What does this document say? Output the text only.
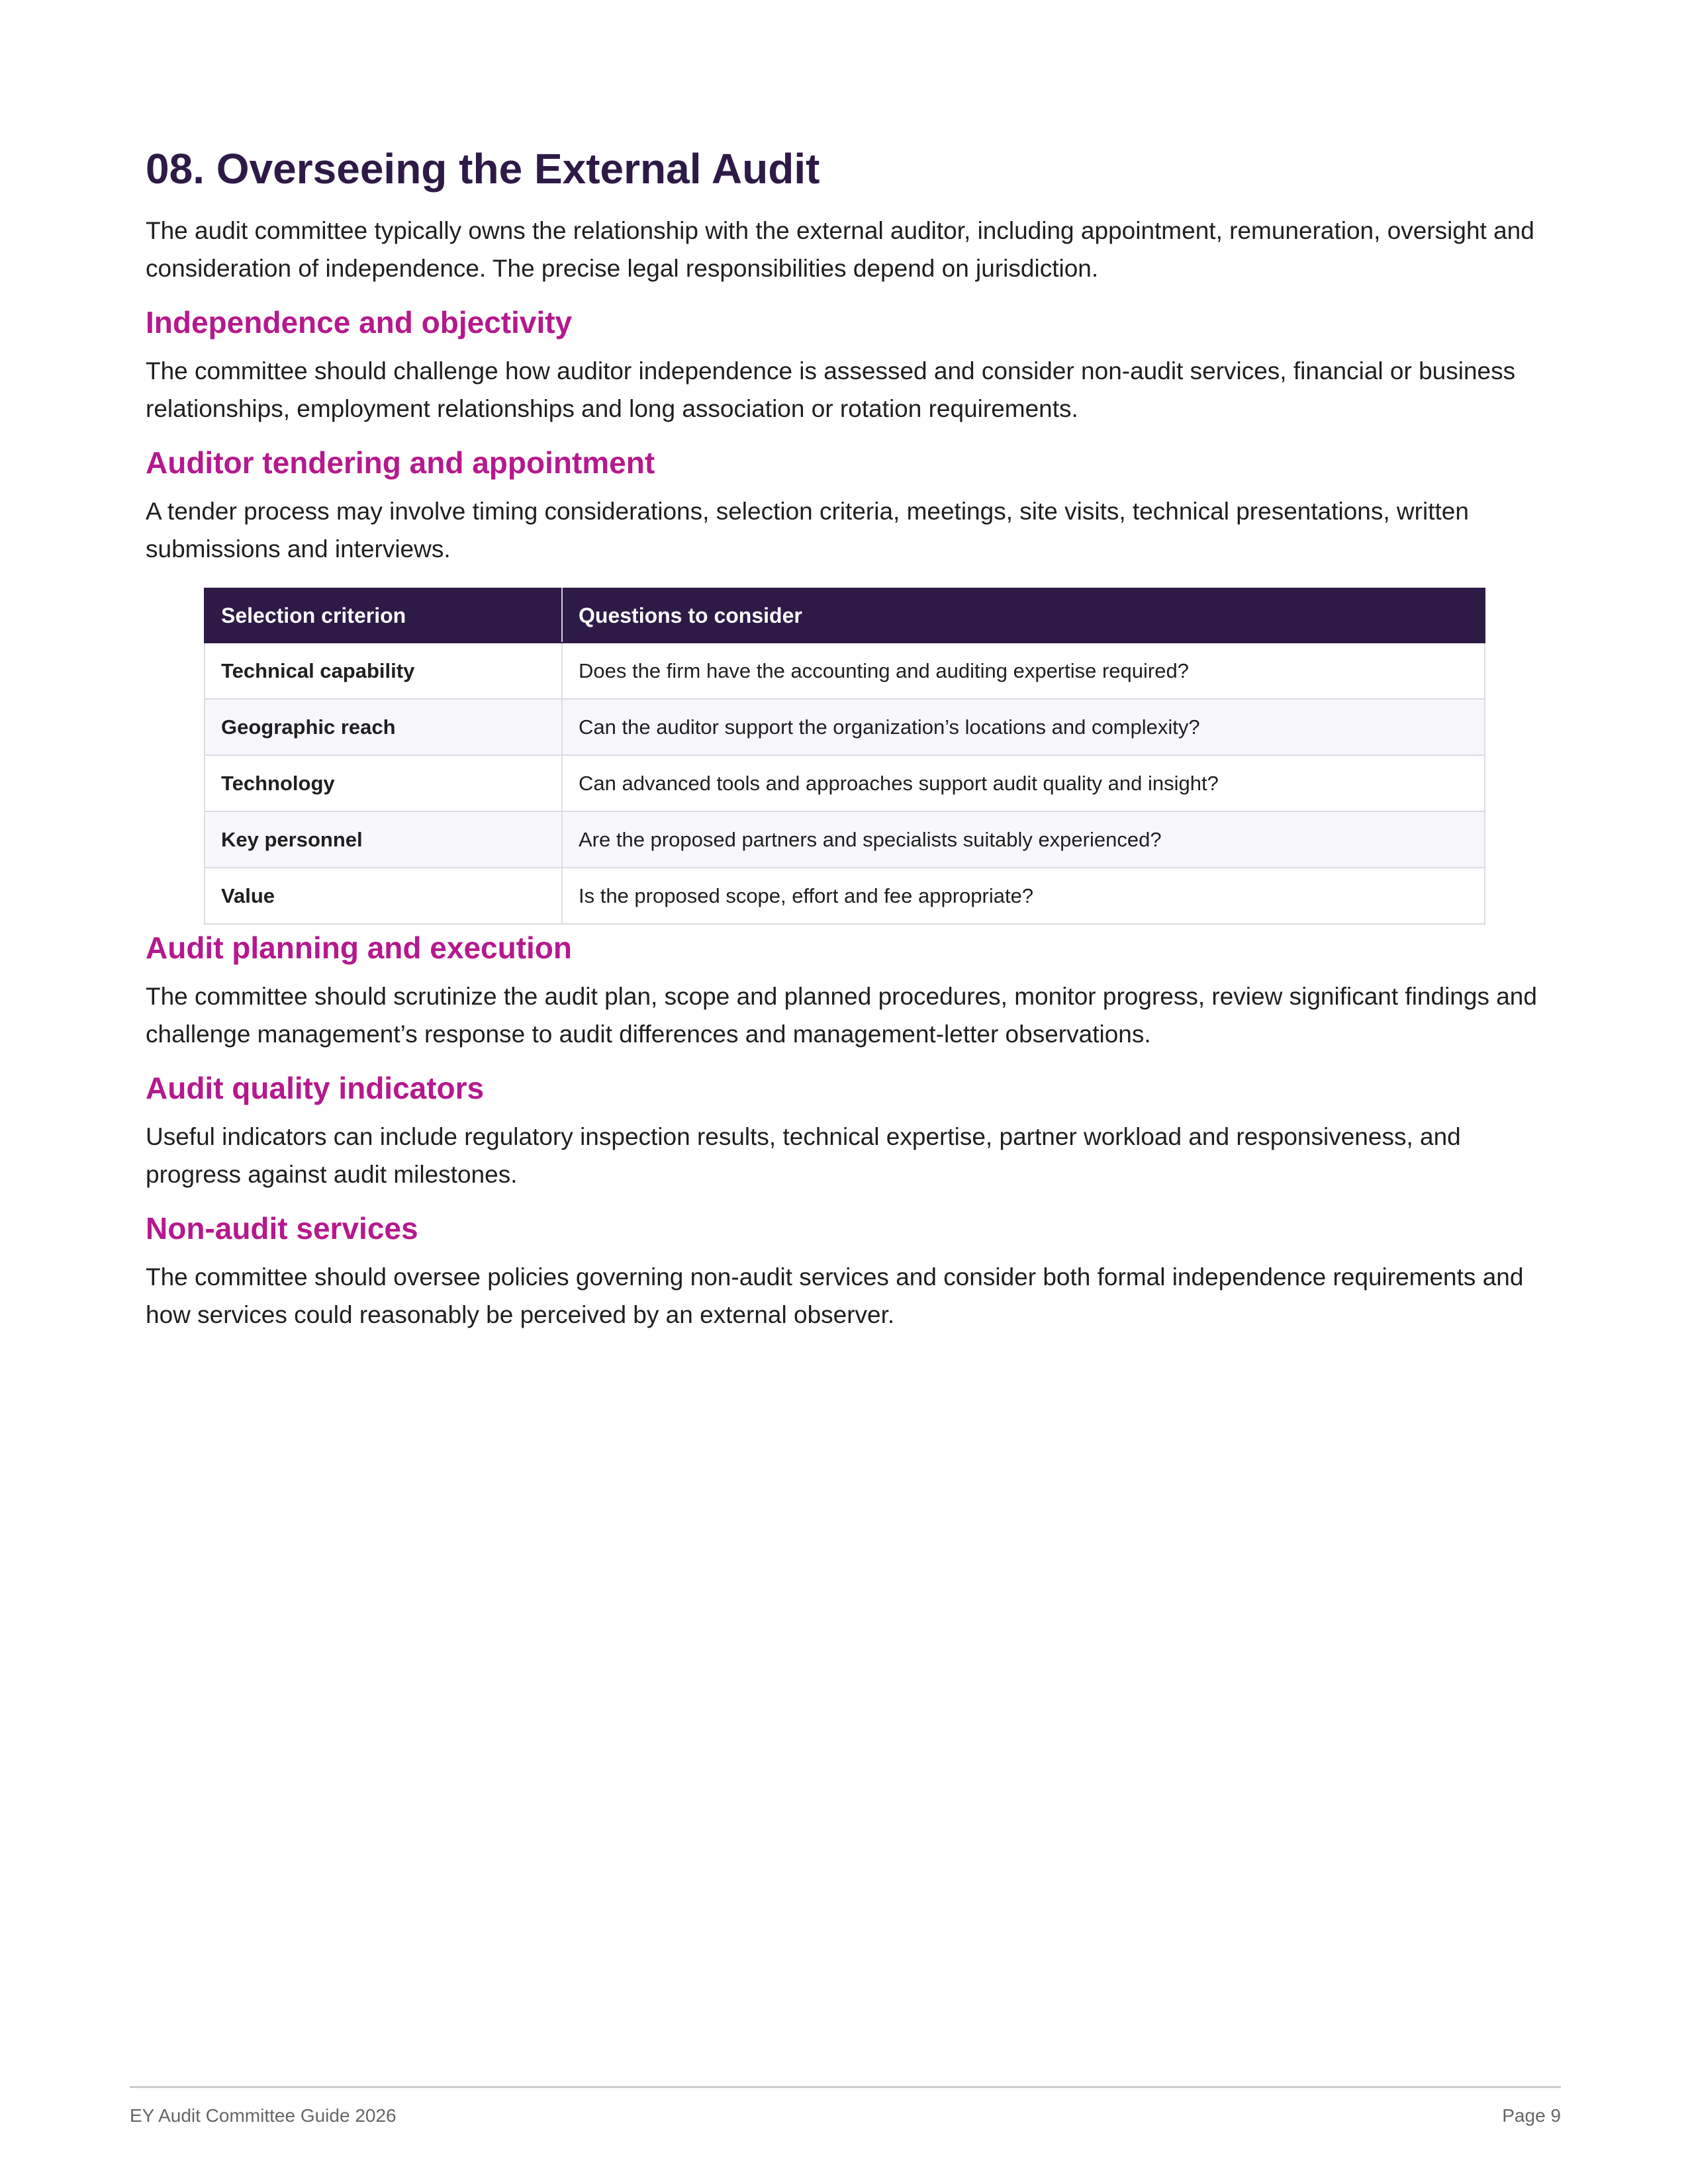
08. Overseeing the External Audit

The audit committee typically owns the relationship with the external auditor, including appointment, remuneration, oversight and consideration of independence. The precise legal responsibilities depend on jurisdiction.

Independence and objectivity

The committee should challenge how auditor independence is assessed and consider non-audit services, financial or business relationships, employment relationships and long association or rotation requirements.

Auditor tendering and appointment

A tender process may involve timing considerations, selection criteria, meetings, site visits, technical presentations, written submissions and interviews.

Selection criterion	Questions to consider
Technical capability	Does the firm have the accounting and auditing expertise required?
Geographic reach	Can the auditor support the organization’s locations and complexity?
Technology	Can advanced tools and approaches support audit quality and insight?
Key personnel	Are the proposed partners and specialists suitably experienced?
Value	Is the proposed scope, effort and fee appropriate?
Audit planning and execution

The committee should scrutinize the audit plan, scope and planned procedures, monitor progress, review significant findings and challenge management’s response to audit differences and management-letter observations.

Audit quality indicators

Useful indicators can include regulatory inspection results, technical expertise, partner workload and responsiveness, and progress against audit milestones.

Non-audit services

The committee should oversee policies governing non-audit services and consider both formal independence requirements and how services could reasonably be perceived by an external observer.

EY Audit Committee Guide 2026	Page 9
